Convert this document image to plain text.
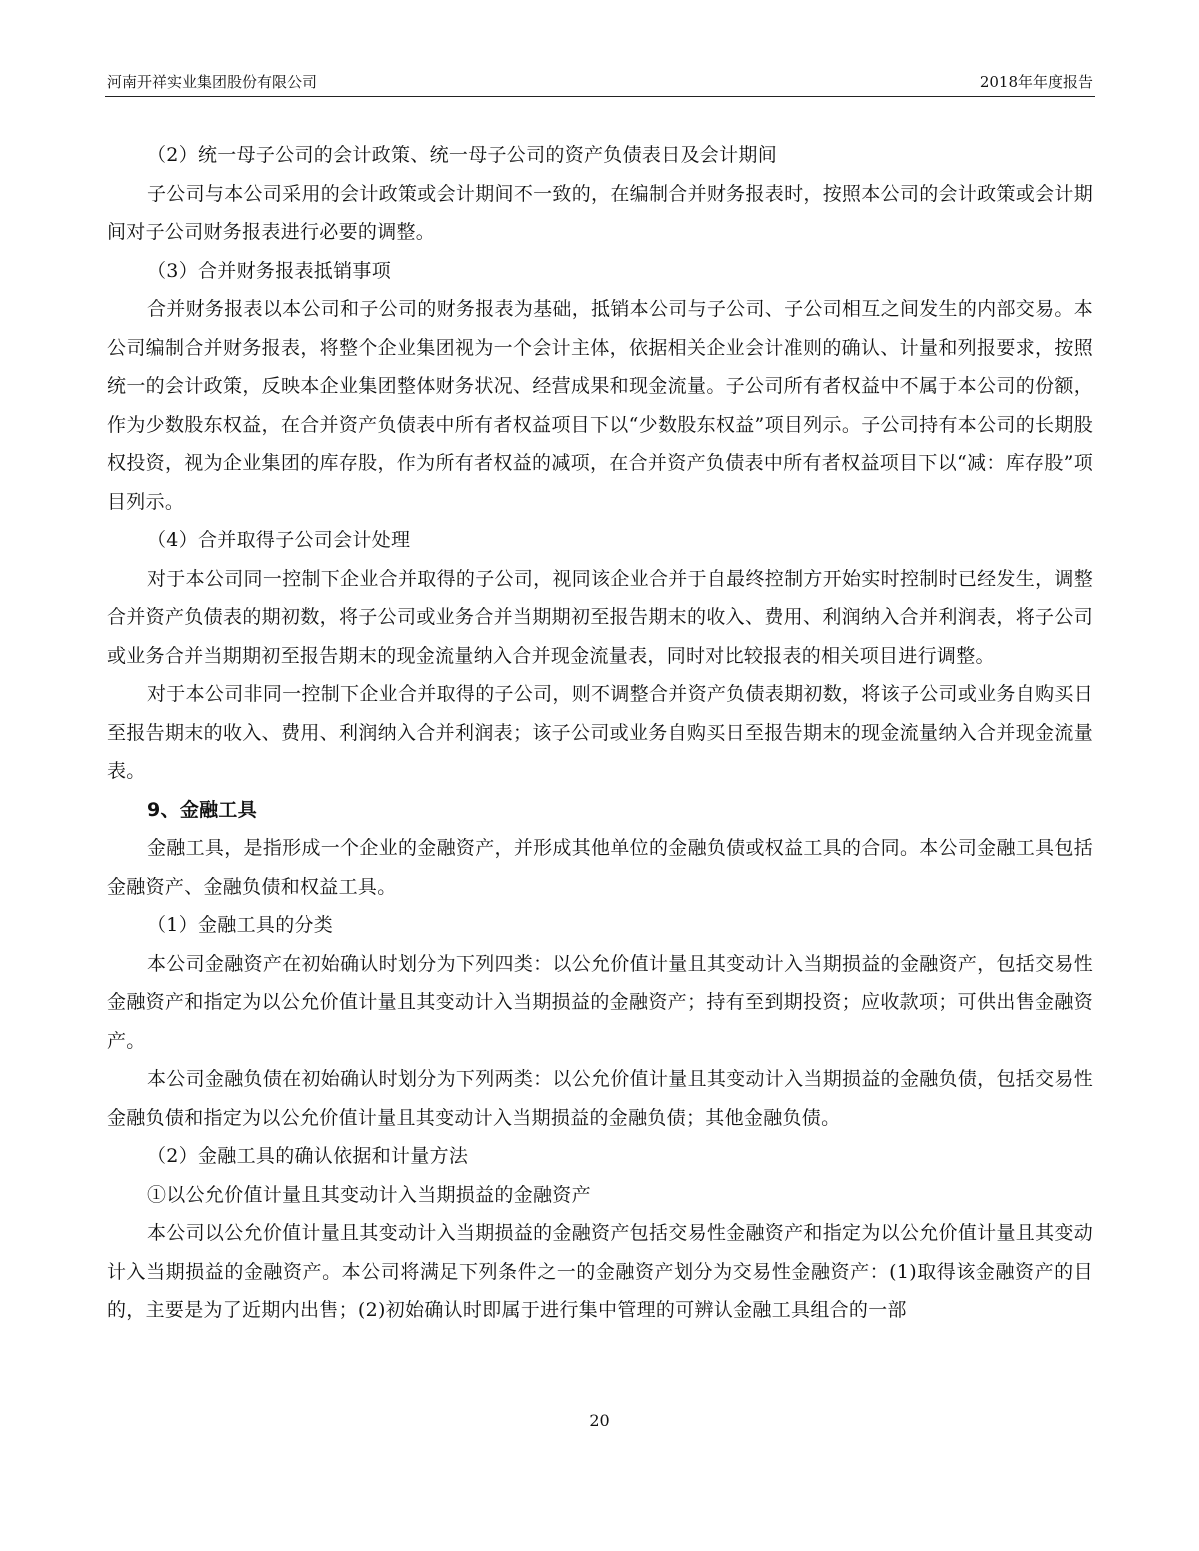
河南开祥实业集团股份有限公司	2018年年度报告

（2）统一母子公司的会计政策、统一母子公司的资产负债表日及会计期间

子公司与本公司采用的会计政策或会计期间不一致的，在编制合并财务报表时，按照本公司的会计政策或会计期间对子公司财务报表进行必要的调整。

（3）合并财务报表抵销事项

合并财务报表以本公司和子公司的财务报表为基础，抵销本公司与子公司、子公司相互之间发生的内部交易。本公司编制合并财务报表，将整个企业集团视为一个会计主体，依据相关企业会计准则的确认、计量和列报要求，按照统一的会计政策，反映本企业集团整体财务状况、经营成果和现金流量。子公司所有者权益中不属于本公司的份额，作为少数股东权益，在合并资产负债表中所有者权益项目下以“少数股东权益”项目列示。子公司持有本公司的长期股权投资，视为企业集团的库存股，作为所有者权益的减项，在合并资产负债表中所有者权益项目下以“减：库存股”项目列示。

（4）合并取得子公司会计处理

对于本公司同一控制下企业合并取得的子公司，视同该企业合并于自最终控制方开始实时控制时已经发生，调整合并资产负债表的期初数，将子公司或业务合并当期期初至报告期末的收入、费用、利润纳入合并利润表，将子公司或业务合并当期期初至报告期末的现金流量纳入合并现金流量表，同时对比较报表的相关项目进行调整。

对于本公司非同一控制下企业合并取得的子公司，则不调整合并资产负债表期初数，将该子公司或业务自购买日至报告期末的收入、费用、利润纳入合并利润表；该子公司或业务自购买日至报告期末的现金流量纳入合并现金流量表。

9、金融工具

金融工具，是指形成一个企业的金融资产，并形成其他单位的金融负债或权益工具的合同。本公司金融工具包括金融资产、金融负债和权益工具。

（1）金融工具的分类

本公司金融资产在初始确认时划分为下列四类：以公允价值计量且其变动计入当期损益的金融资产，包括交易性金融资产和指定为以公允价值计量且其变动计入当期损益的金融资产；持有至到期投资；应收款项；可供出售金融资产。

本公司金融负债在初始确认时划分为下列两类：以公允价值计量且其变动计入当期损益的金融负债，包括交易性金融负债和指定为以公允价值计量且其变动计入当期损益的金融负债；其他金融负债。

（2）金融工具的确认依据和计量方法

①以公允价值计量且其变动计入当期损益的金融资产

本公司以公允价值计量且其变动计入当期损益的金融资产包括交易性金融资产和指定为以公允价值计量且其变动计入当期损益的金融资产。本公司将满足下列条件之一的金融资产划分为交易性金融资产：(1)取得该金融资产的目的，主要是为了近期内出售；(2)初始确认时即属于进行集中管理的可辨认金融工具组合的一部

20
